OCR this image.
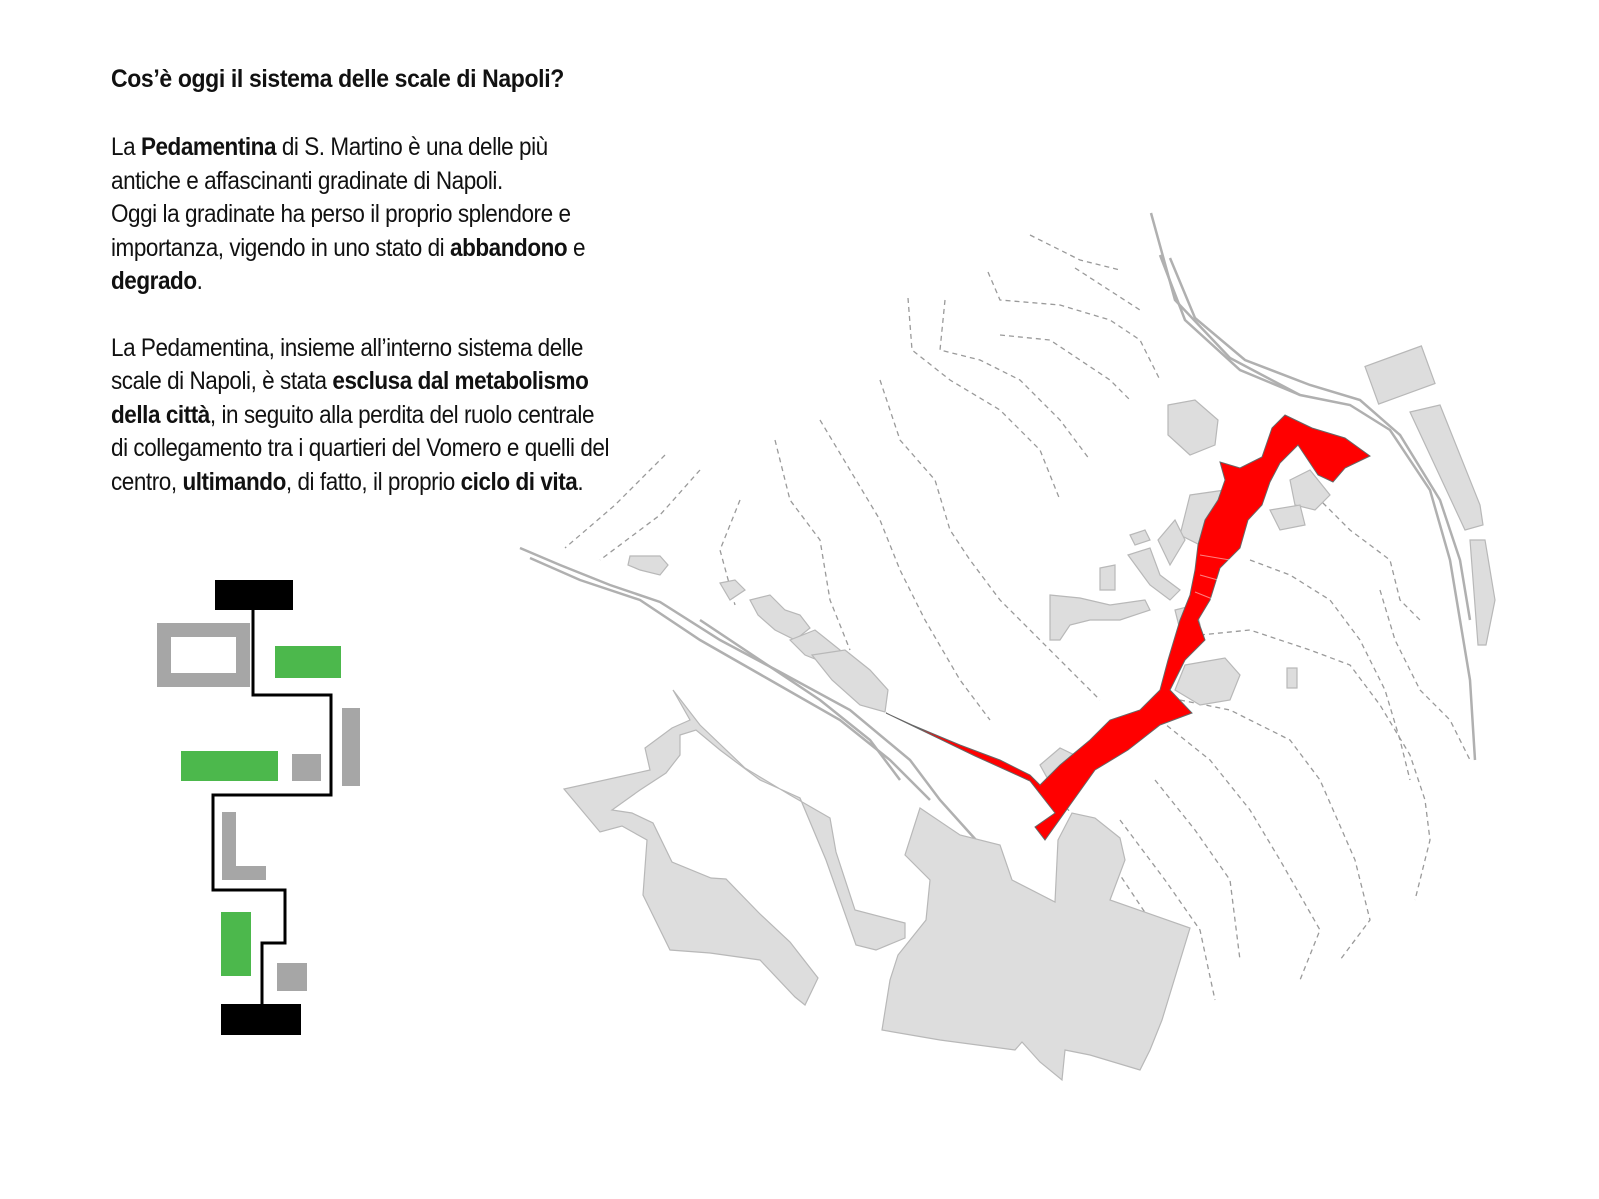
Cos’è oggi il sistema delle scale di Napoli?
La Pedamentina di S. Martino è una delle più
antiche e affascinanti gradinate di Napoli.
Oggi la gradinate ha perso il proprio splendore e
importanza, vigendo in uno stato di abbandono e
degrado.
La Pedamentina, insieme all’interno sistema delle
scale di Napoli, è stata esclusa dal metabolismo
della città, in seguito alla perdita del ruolo centrale
di collegamento tra i quartieri del Vomero e quelli del
centro, ultimando, di fatto, il proprio ciclo di vita.
